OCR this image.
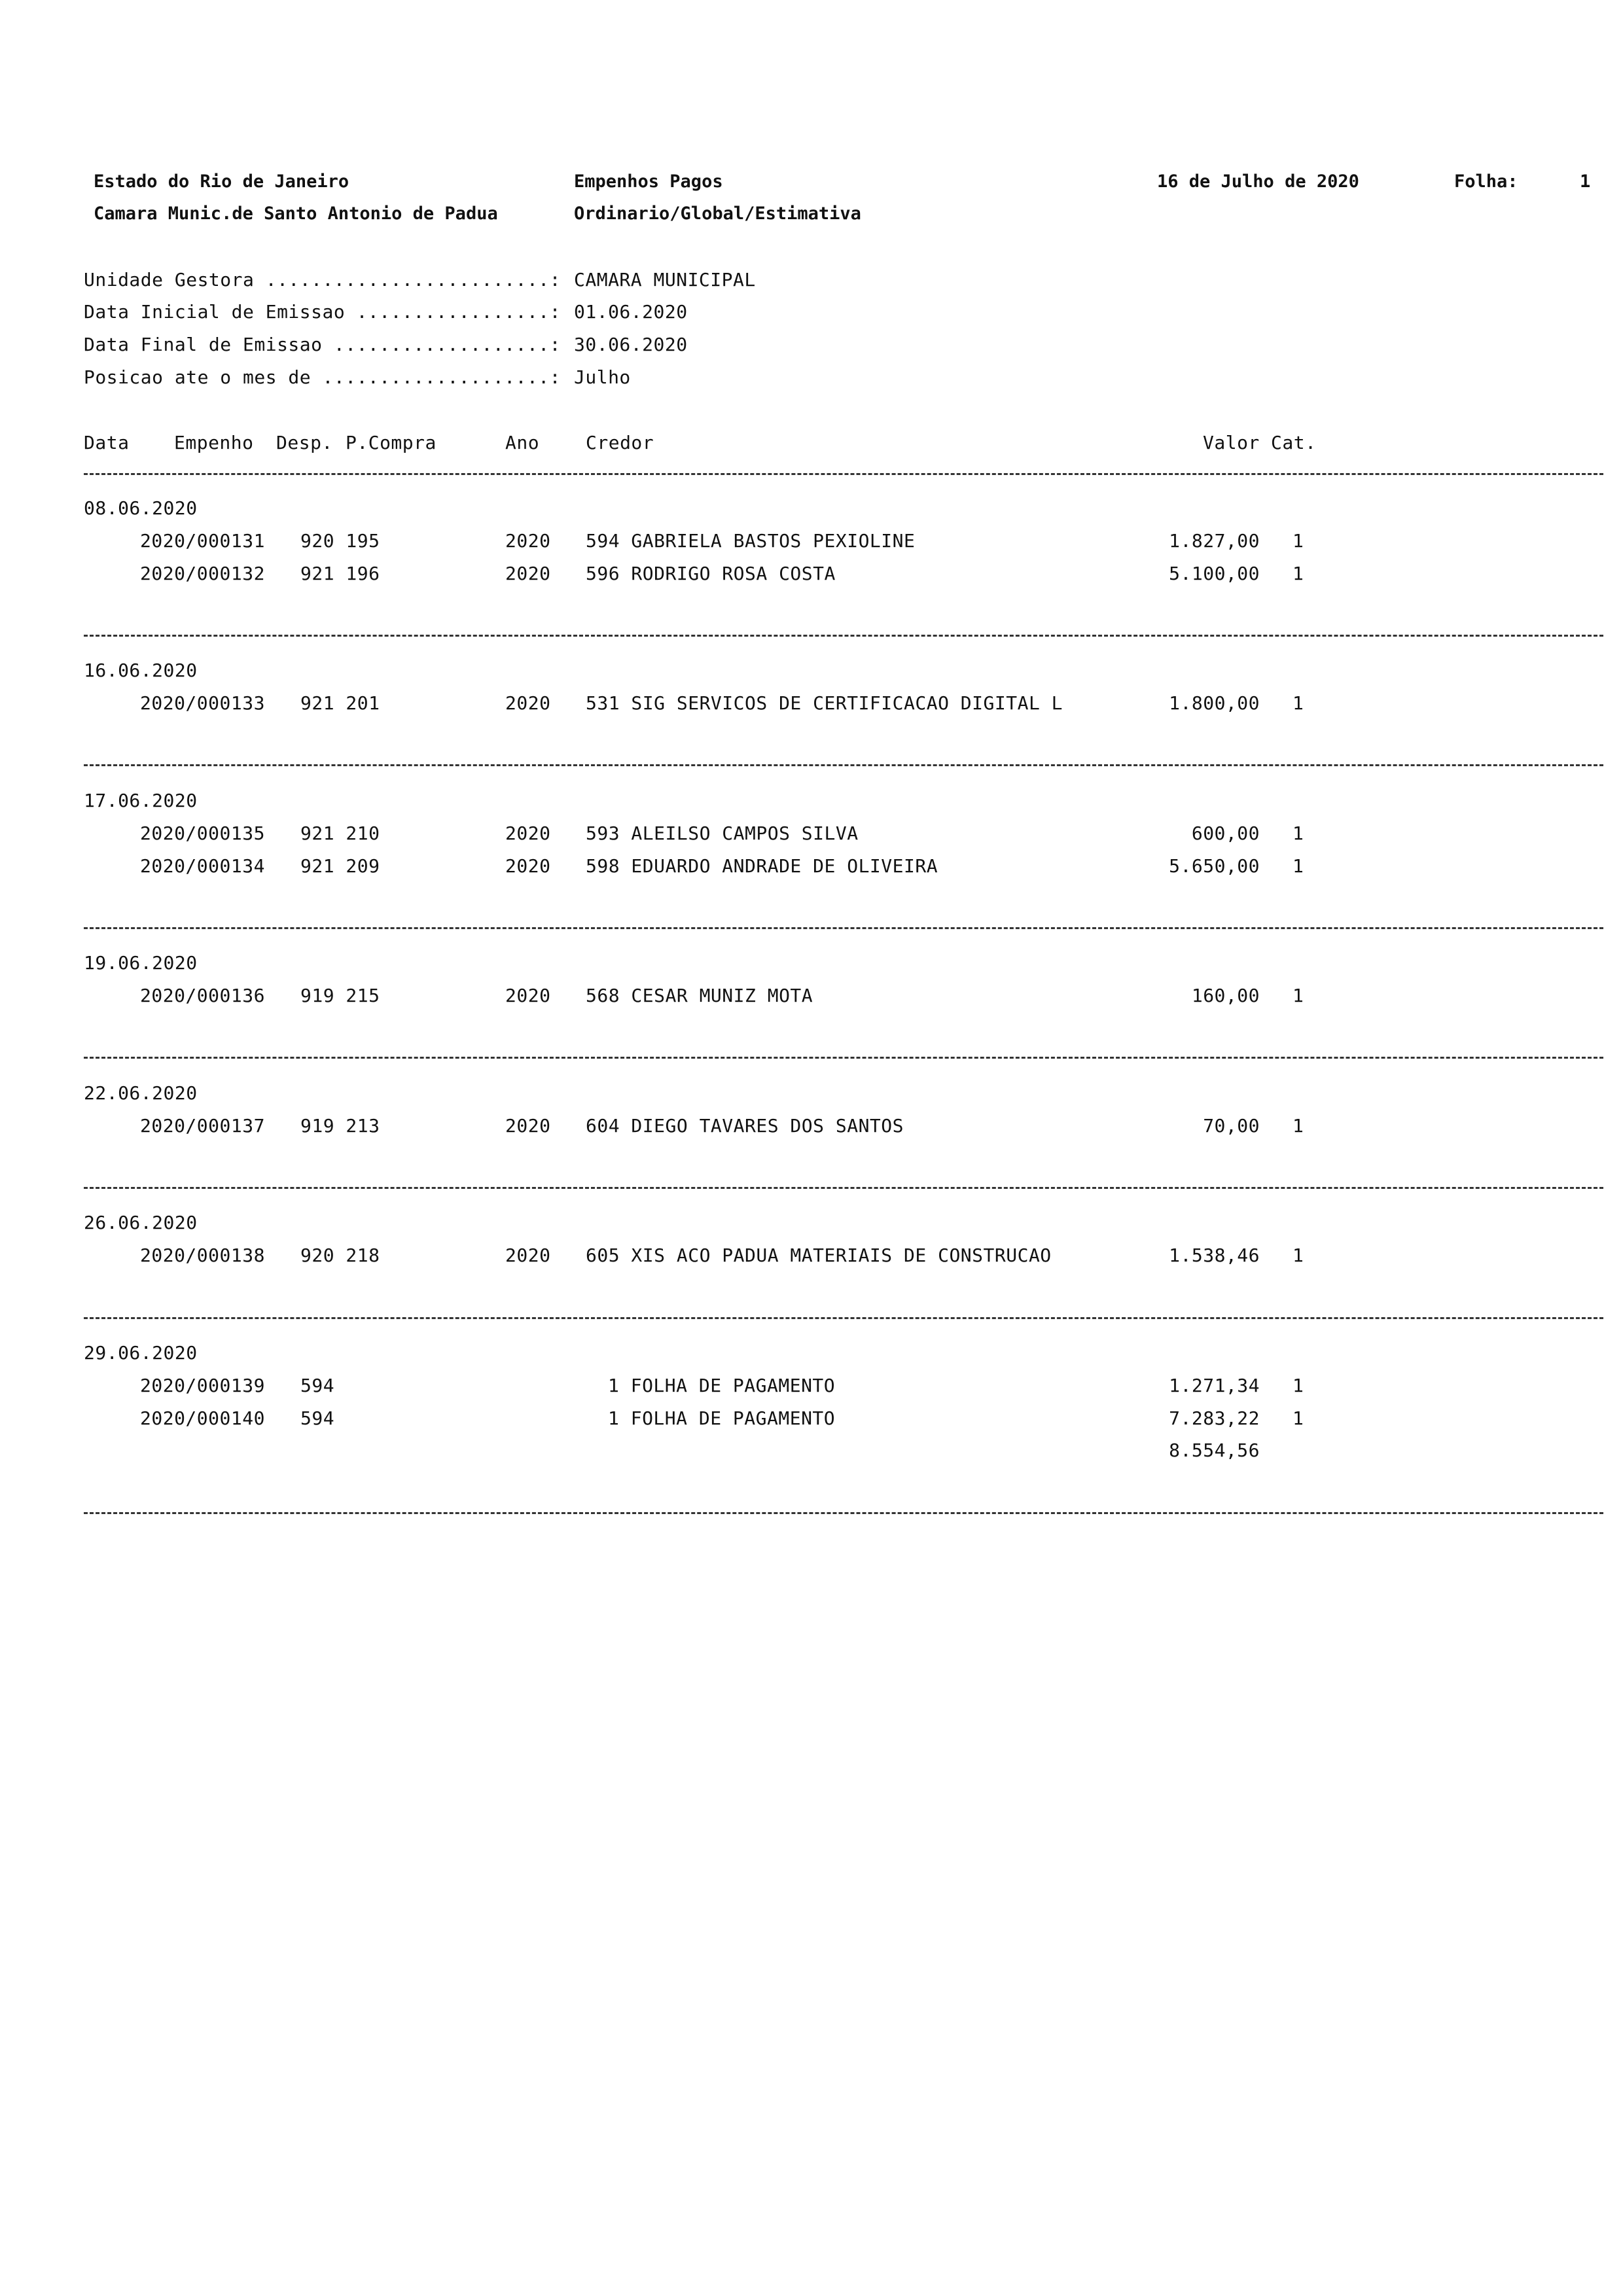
Estado do Rio de Janeiro
Camara Munic.de Santo Antonio de Padua
Empenhos Pagos
Ordinario/Global/Estimativa
16 de Julho de 2020	Folha:	1
Unidade Gestora .........................: CAMARA MUNICIPAL
Data Inicial de Emissao .................: 01.06.2020
Data Final de Emissao ...................: 30.06.2020
Posicao ate o mes de ....................: Julho
Data Empenho Desp. P.Compra	Ano	Credor	Valor Cat.
08.06.2020
2020/000131 920 195	2020 594 GABRIELA BASTOS PEXIOLINE	1.827,00 1
2020/000132 921 196	2020 596 RODRIGO ROSA COSTA	5.100,00 1
16.06.2020
2020/000133 921 201	2020 531 SIG SERVICOS DE CERTIFICACAO DIGITAL L	1.800,00 1
17.06.2020
2020/000135 921 210	2020 593 ALEILSO CAMPOS SILVA	600,00 1
2020/000134 921 209	2020 598 EDUARDO ANDRADE DE OLIVEIRA	5.650,00 1
19.06.2020
2020/000136 919 215	2020 568 CESAR MUNIZ MOTA	160,00 1
22.06.2020
2020/000137 919 213	2020 604 DIEGO TAVARES DOS SANTOS	70,00 1
26.06.2020
2020/000138 920 218	2020 605 XIS ACO PADUA MATERIAIS DE CONSTRUCAO	1.538,46 1
29.06.2020
2020/000139 594	1 FOLHA DE PAGAMENTO	1.271,34 1
2020/000140 594	1 FOLHA DE PAGAMENTO	7.283,22 1
8.554,56
